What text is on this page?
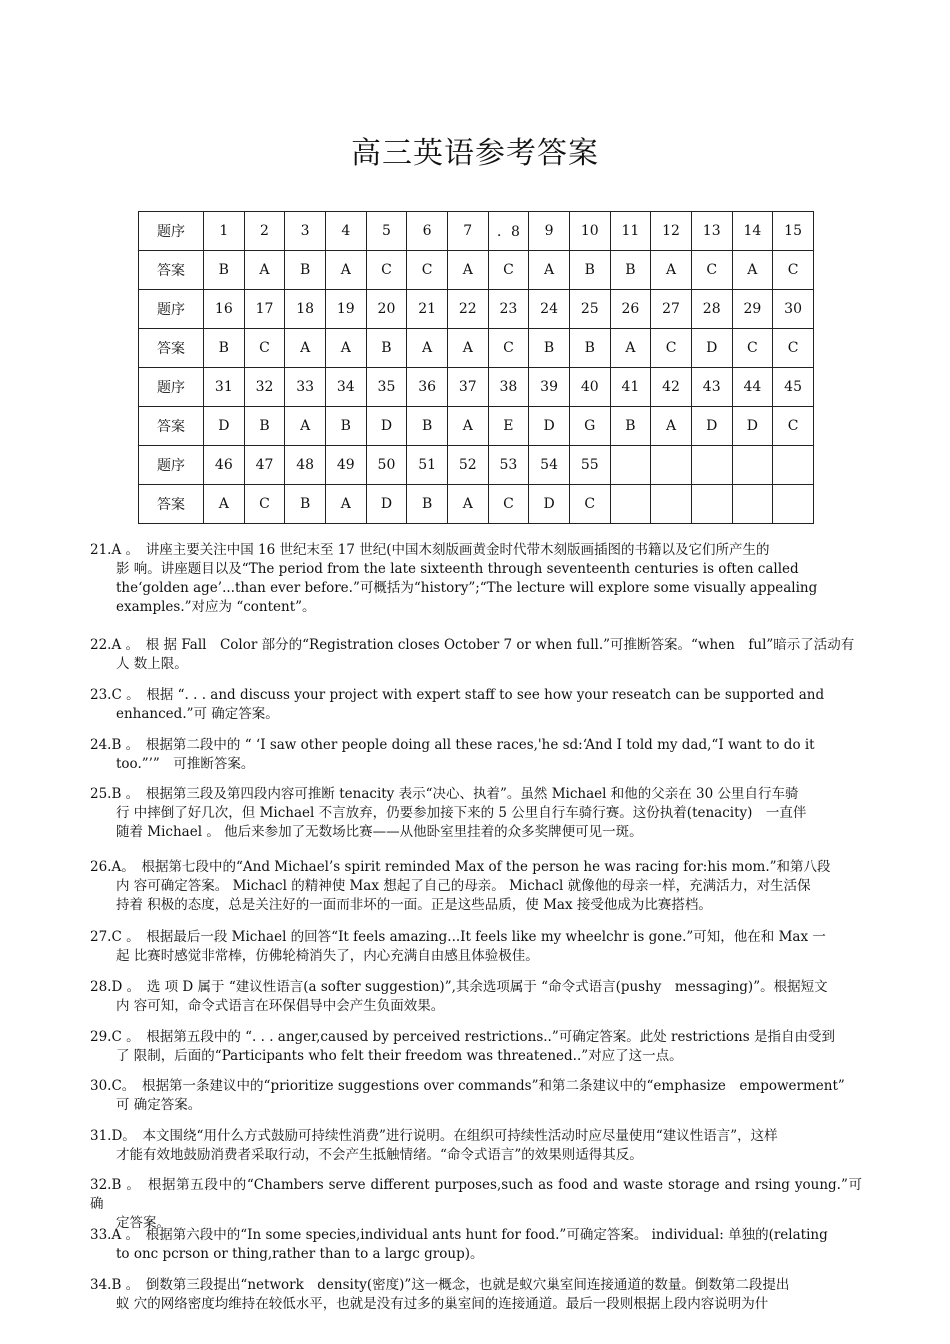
高三英语参考答案
题序	1	2	3	4	5	6	7	．8	9	10	11	12	13	14	15
答案	B	A	B	A	C	C	A	C	A	B	B	A	C	A	C
题序	16	17	18	19	20	21	22	23	24	25	26	27	28	29	30
答案	B	C	A	A	B	A	A	C	B	B	A	C	D	C	C
题序	31	32	33	34	35	36	37	38	39	40	41	42	43	44	45
答案	D	B	A	B	D	B	A	E	D	G	B	A	D	D	C
题序	46	47	48	49	50	51	52	53	54	55					
答案	A	C	B	A	D	B	A	C	D	C					

21.A 。　讲座主要关注中国 16 世纪末至 17 世纪(中国木刻版画黄金时代带木刻版画插图的书籍以及它们所产生的

影 响。讲座题目以及“The period from the late sixteenth through seventeenth centuries is often called

the‘golden age’...than ever before.”可概括为“history”;“The lecture will explore some visually appealing

examples.”对应为 “content”。

22.A 。　根 据 Fall　Color 部分的“Registration closes October 7 or when full.”可推断答案。“when　ful”暗示了活动有

人 数上限。

23.C 。　根据 “. . . and discuss your project with expert staff to see how your reseatch can be supported and

enhanced.”可 确定答案。

24.B 。　根据第二段中的 “ ‘I saw other people doing all these races,'he sd:‘And I told my dad,“I want to do it

too.”’”　可推断答案。

25.B 。　根据第三段及第四段内容可推断 tenacity 表示“决心、执着”。虽然 Michael 和他的父亲在 30 公里自行车骑

行 中摔倒了好几次，但 Michael 不言放弃，仍要参加接下来的 5 公里自行车骑行赛。这份执着(tenacity)　一直伴

随着 Michael 。 他后来参加了无数场比赛——从他卧室里挂着的众多奖牌便可见一斑。

26.A。　根据第七段中的“And Michael’s spirit reminded Max of the person he was racing for:his mom.”和第八段

内 容可确定答案。 Michacl 的精神使 Max 想起了自己的母亲。 Michacl 就像他的母亲一样，充满活力，对生活保

持着 积极的态度，总是关注好的一面而非坏的一面。正是这些品质，使 Max 接受他成为比赛搭档。

27.C 。　根据最后一段 Michael 的回答“It feels amazing...It feels like my wheelchr is gone.”可知，他在和 Max 一

起 比赛时感觉非常棒，仿佛轮椅消失了，内心充满自由感且体验极佳。

28.D 。　选 项 D 属于 “建议性语言(a softer suggestion)”,其余选项属于 “命令式语言(pushy　messaging)”。根据短文

内 容可知，命令式语言在环保倡导中会产生负面效果。

29.C 。　根据第五段中的 “. . . anger,caused by perceived restrictions..”可确定答案。此处 restrictions 是指自由受到

了 限制，后面的“Participants who felt their freedom was threatened..”对应了这一点。

30.C。　根据第一条建议中的“prioritize suggestions over commands”和第二条建议中的“emphasize　empowerment”

可 确定答案。

31.D。　本文围绕“用什么方式鼓励可持续性消费”进行说明。在组织可持续性活动时应尽量使用“建议性语言”，这样

才能有效地鼓励消费者采取行动，不会产生抵触情绪。“命令式语言”的效果则适得其反。

32.B 。　根据第五段中的“Chambers serve different purposes,such as food and waste storage and rsing young.”可 确

定答案。

33.A 。　根据第六段中的“In some species,individual ants hunt for food.”可确定答案。 individual: 单独的(relating

to onc pcrson or thing,rather than to a largc group)。

34.B 。　倒数第三段提出“network　density(密度)”这一概念，也就是蚁穴巢室间连接通道的数量。倒数第二段提出

蚁 穴的网络密度均维持在较低水平，也就是没有过多的巢室间的连接通道。最后一段则根据上段内容说明为什
